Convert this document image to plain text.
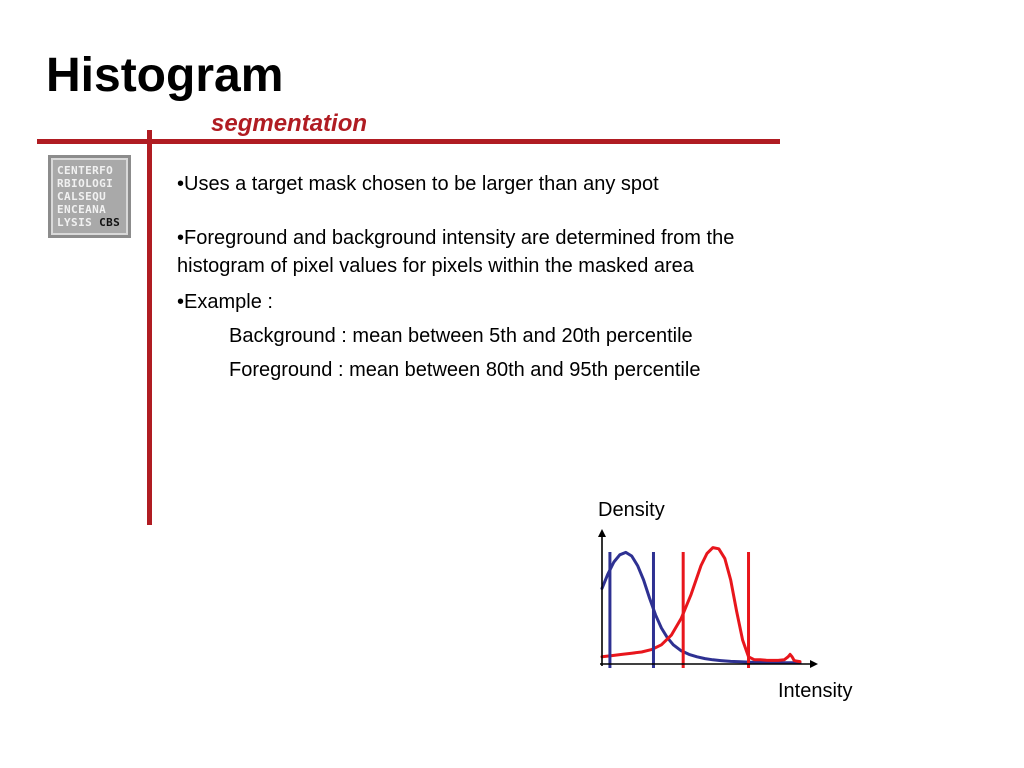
Histogram
segmentation
CENTERFO
RBIOLOGI
CALSEQU
ENCEANA
LYSIS CBS

•Uses a target mask chosen to be larger than any spot

•Foreground and background intensity are determined from the histogram of pixel values for pixels within the masked area

•Example :

Background : mean between 5th and 20th percentile

Foreground : mean between 80th and 95th percentile

Density
Intensity
